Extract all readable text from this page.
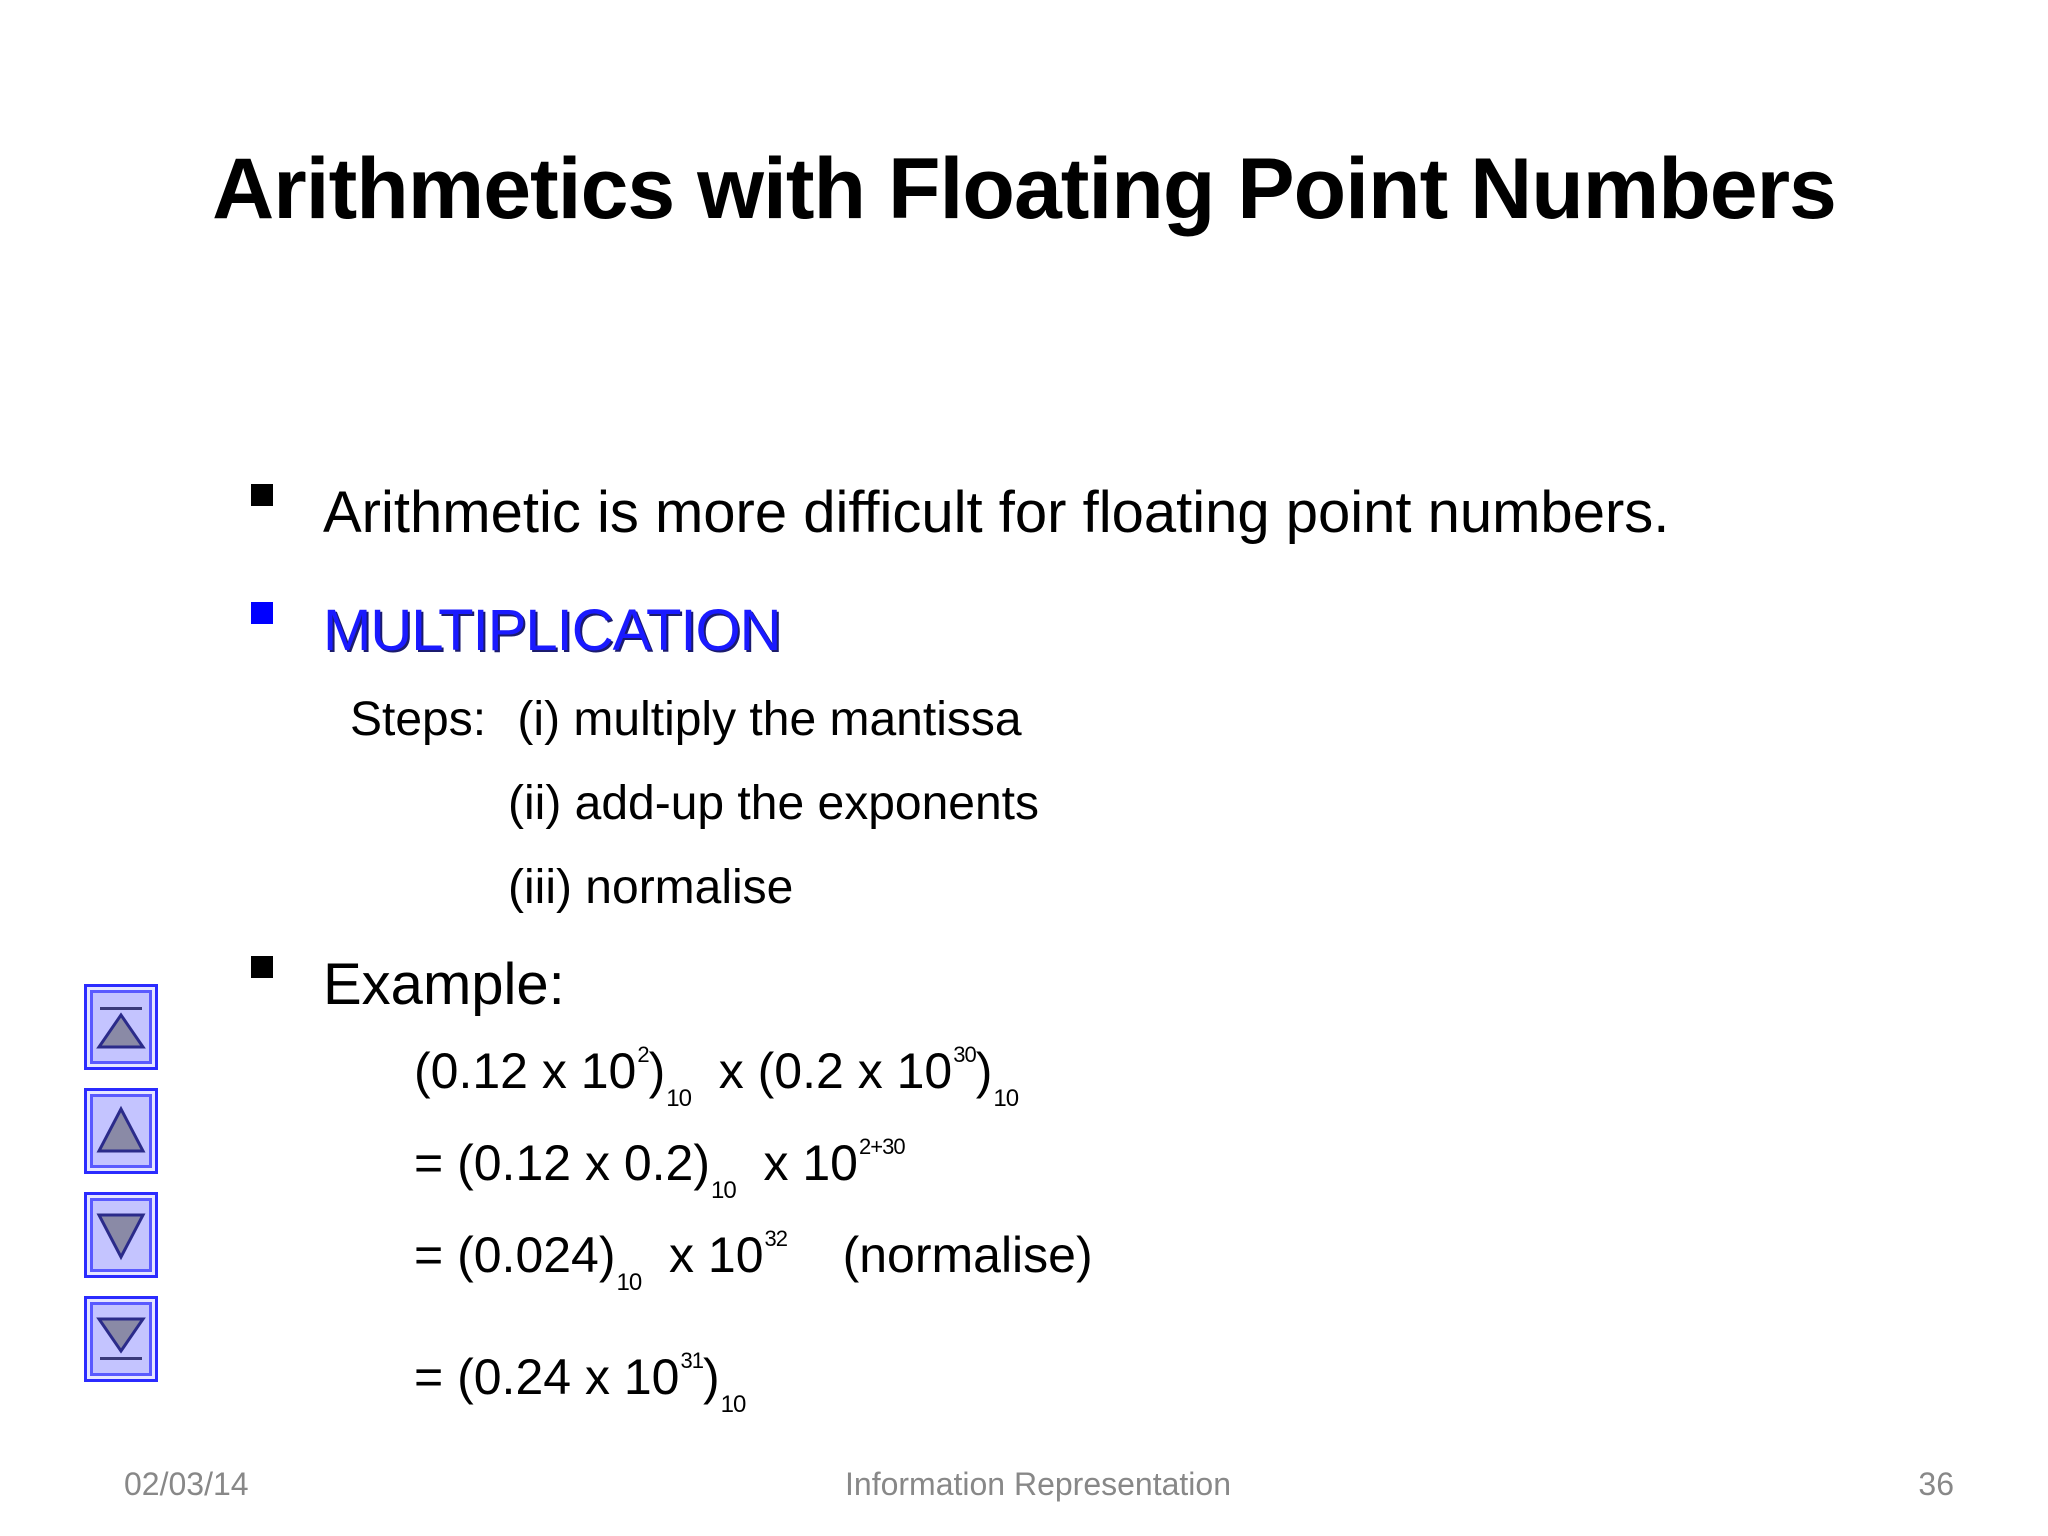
Arithmetics with Floating Point Numbers
Arithmetic is more difficult for floating point numbers.
MULTIPLICATION
Steps: (i) multiply the mantissa
(ii) add-up the exponents
(iii) normalise
Example:
(0.12 x $10^2)_{10}$  x (0.2 x $10^{30})_{10}$
= (0.12 x $0.2)_{10}$  x $10^{2+30}$
= $(0.024)_{10}$  x $10^{32}$    (normalise)
= (0.24 x $10^{31})_{10}$
02/03/14	Information Representation	36
